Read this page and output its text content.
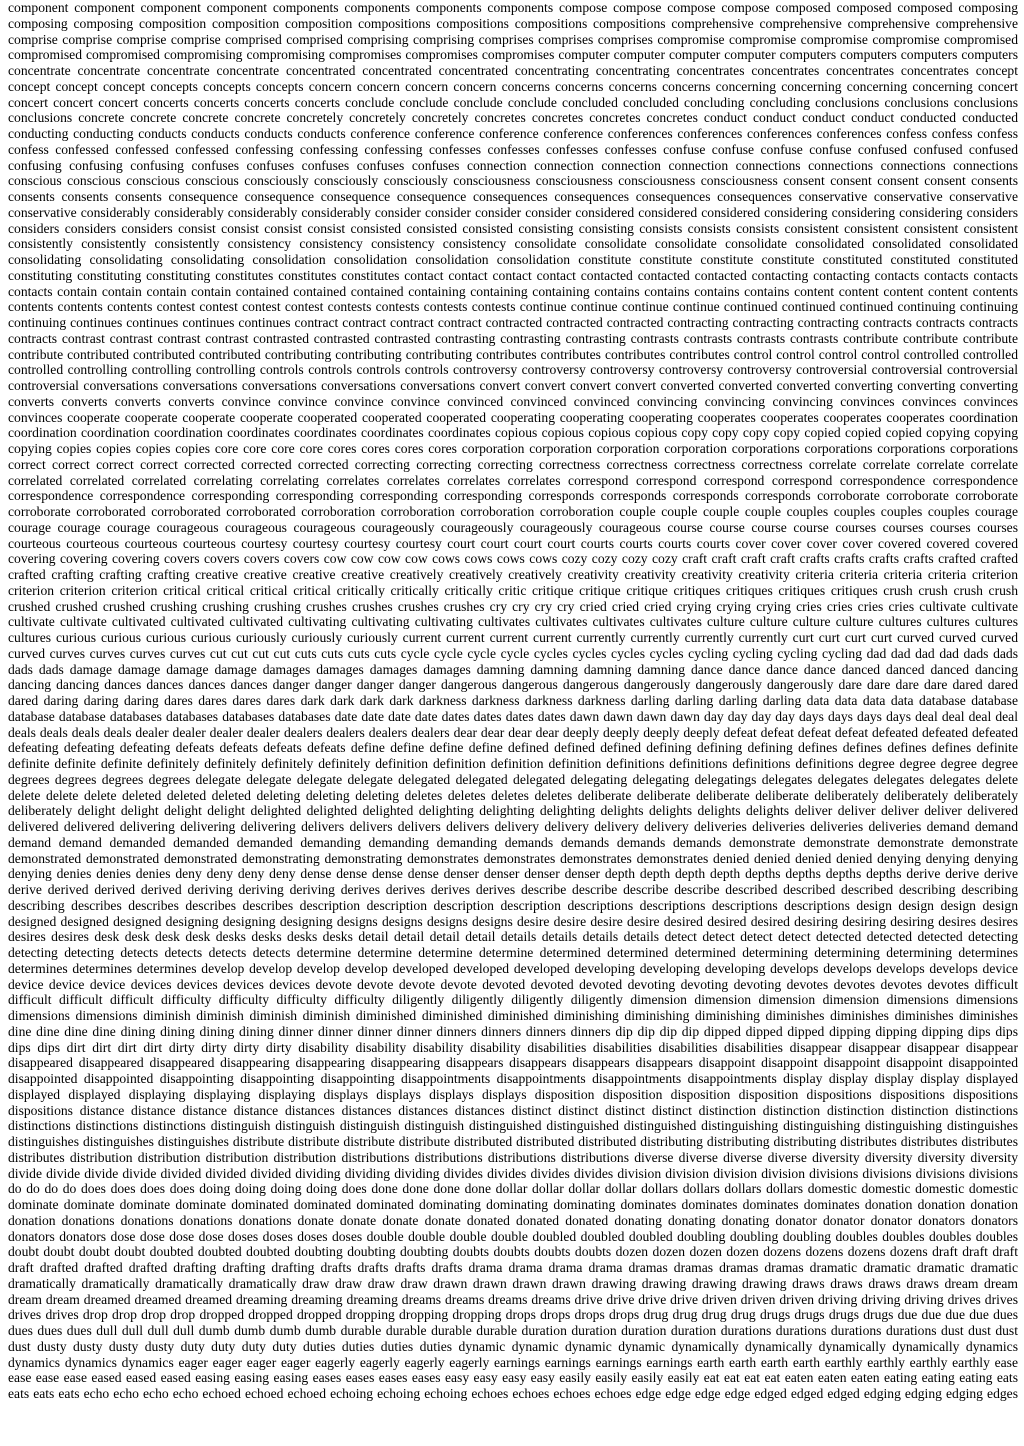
component component component component components components components components compose compose compose compose composed composed composed composing composing composing composition composition composition compositions compositions compositions compositions comprehensive comprehensive comprehensive comprehensive comprise comprise comprise comprise comprised comprised comprising comprising comprises comprises comprises compromise compromise compromise compromise compromised compromised compromised compromising compromising compromises compromises compromises computer computer computer computer computers computers computers computers concentrate concentrate concentrate concentrate concentrated concentrated concentrated concentrating concentrating concentrates concentrates concentrates concentrates concept concept concept concept concepts concepts concepts concern concern concern concern concerns concerns concerns concerns concerning concerning concerning concerning concert concert concert concert concerts concerts concerts concerts conclude conclude conclude conclude concluded concluded concluding concluding conclusions conclusions conclusions conclusions concrete concrete concrete concrete concretely concretely concretely concretes concretes concretes concretes conduct conduct conduct conduct conducted conducted conducting conducting conducts conducts conducts conducts conference conference conference conference conferences conferences conferences conferences confess confess confess confess confessed confessed confessed confessing confessing confessing confesses confesses confesses confesses confuse confuse confuse confuse confused confused confused confusing confusing confusing confuses confuses confuses confuses confuses connection connection connection connection connections connections connections connections conscious conscious conscious conscious consciously consciously consciously consciousness consciousness consciousness consciousness consent consent consent consent consents consents consents consents consequence consequence consequence consequence consequences consequences consequences consequences conservative conservative conservative conservative considerably considerably considerably considerably consider consider consider consider considered considered considered considering considering considering considers considers considers considers consist consist consist consist consisted consisted consisted consisting consisting consists consists consists consistent consistent consistent consistent consistently consistently consistently consistency consistency consistency consistency consolidate consolidate consolidate consolidate consolidated consolidated consolidated consolidating consolidating consolidating consolidation consolidation consolidation consolidation constitute constitute constitute constitute constituted constituted constituted constituting constituting constituting constitutes constitutes constitutes contact contact contact contact contacted contacted contacted contacting contacting contacts contacts contacts contacts contain contain contain contain contained contained contained containing containing containing contains contains contains contains content content content content contents contents contents contents contest contest contest contest contests contests contests contests continue continue continue continue continued continued continued continuing continuing continuing continues continues continues continues contract contract contract contract contracted contracted contracted contracting contracting contracting contracts contracts contracts contracts contrast contrast contrast contrast contrasted contrasted contrasted contrasting contrasting contrasting contrasts contrasts contrasts contrasts contribute contribute contribute contribute contributed contributed contributed contributing contributing contributing contributes contributes contributes contributes control control control control controlled controlled controlled controlling controlling controlling controls controls controls controls controversy controversy controversy controversy controversy controversial controversial controversial controversial conversations conversations conversations conversations conversations convert convert convert convert converted converted converted converting converting converting converts converts converts converts convince convince convince convince convinced convinced convinced convincing convincing convincing convinces convinces convinces convinces cooperate cooperate cooperate cooperate cooperated cooperated cooperated cooperating cooperating cooperating cooperates cooperates cooperates cooperates coordination coordination coordination coordination coordinates coordinates coordinates coordinates copious copious copious copious copy copy copy copy copied copied copied copying copying copying copies copies copies copies core core core core cores cores cores cores corporation corporation corporation corporation corporations corporations corporations corporations correct correct correct correct corrected corrected corrected correcting correcting correcting correctness correctness correctness correctness correlate correlate correlate correlate correlated correlated correlated correlating correlating correlates correlates correlates correlates correspond correspond correspond correspond correspondence correspondence correspondence correspondence corresponding corresponding corresponding corresponding corresponds corresponds corresponds corresponds corroborate corroborate corroborate corroborate corroborated corroborated corroborated corroboration corroboration corroboration corroboration couple couple couple couple couples couples couples couples courage courage courage courage courageous courageous courageous courageously courageously courageously courageous course course course course courses courses courses courses courteous courteous courteous courteous courtesy courtesy courtesy courtesy court court court court courts courts courts courts cover cover cover cover covered covered covered covering covering covering covers covers covers covers cow cow cow cow cows cows cows cows cozy cozy cozy cozy craft craft craft craft crafts crafts crafts crafts crafted crafted crafted crafting crafting crafting creative creative creative creative creatively creatively creatively creativity creativity creativity creativity criteria criteria criteria criteria criterion criterion criterion criterion critical critical critical critical critically critically critically critic critique critique critique critiques critiques critiques critiques crush crush crush crush crushed crushed crushed crushing crushing crushing crushes crushes crushes crushes cry cry cry cry cried cried cried crying crying crying cries cries cries cries cultivate cultivate cultivate cultivate cultivated cultivated cultivated cultivating cultivating cultivating cultivates cultivates cultivates cultivates culture culture culture culture cultures cultures cultures cultures curious curious curious curious curiously curiously curiously current current current current currently currently currently currently curt curt curt curt curved curved curved curved curves curves curves curves cut cut cut cut cuts cuts cuts cuts cycle cycle cycle cycle cycles cycles cycles cycles cycling cycling cycling cycling dad dad dad dad dads dads dads dads damage damage damage damage damages damages damages damages damning damning damning damning dance dance dance dance danced danced danced dancing dancing dancing dances dances dances dances danger danger danger danger dangerous dangerous dangerous dangerously dangerously dangerously dare dare dare dare dared dared dared daring daring daring dares dares dares dares dark dark dark dark darkness darkness darkness darkness darling darling darling darling data data data data database database database database databases databases databases databases date date date date dates dates dates dates dawn dawn dawn dawn day day day day days days days days deal deal deal deal deals deals deals deals dealer dealer dealer dealer dealers dealers dealers dealers dear dear dear dear deeply deeply deeply deeply defeat defeat defeat defeat defeated defeated defeated defeating defeating defeating defeats defeats defeats defeats define define define define defined defined defined defining defining defining defines defines defines defines definite definite definite definite definitely definitely definitely definitely definition definition definition definition definitions definitions definitions definitions degree degree degree degree degrees degrees degrees degrees delegate delegate delegate delegate delegated delegated delegated delegating delegating delegatings delegates delegates delegates delegates delete delete delete delete deleted deleted deleted deleting deleting deleting deletes deletes deletes deletes deliberate deliberate deliberate deliberate deliberately deliberately deliberately deliberately delight delight delight delight delighted delighted delighted delighting delighting delighting delights delights delights delights deliver deliver deliver deliver delivered delivered delivered delivering delivering delivering delivers delivers delivers delivers delivery delivery delivery delivery deliveries deliveries deliveries deliveries demand demand demand demand demanded demanded demanded demanding demanding demanding demands demands demands demands demonstrate demonstrate demonstrate demonstrate demonstrated demonstrated demonstrated demonstrating demonstrating demonstrates demonstrates demonstrates demonstrates denied denied denied denied denying denying denying denying denies denies denies deny deny deny deny dense dense dense dense denser denser denser denser depth depth depth depth depths depths depths depths derive derive derive derive derived derived derived deriving deriving deriving derives derives derives derives describe describe describe describe described described described describing describing describing describes describes describes describes description description description description descriptions descriptions descriptions descriptions design design design design designed designed designed designing designing designing designs designs designs designs desire desire desire desire desired desired desired desiring desiring desiring desires desires desires desires desk desk desk desk desks desks desks desks detail detail detail detail details details details details detect detect detect detect detected detected detected detecting detecting detecting detects detects detects detects determine determine determine determine determined determined determined determining determining determining determines determines determines determines develop develop develop develop developed developed developed developing developing developing develops develops develops develops device device device device devices devices devices devices devote devote devote devote devoted devoted devoted devoting devoting devoting devotes devotes devotes devotes difficult difficult difficult difficult difficulty difficulty difficulty difficulty diligently diligently diligently diligently dimension dimension dimension dimension dimensions dimensions dimensions dimensions diminish diminish diminish diminish diminished diminished diminished diminishing diminishing diminishing diminishes diminishes diminishes diminishes dine dine dine dine dining dining dining dining dinner dinner dinner dinner dinners dinners dinners dinners dip dip dip dip dipped dipped dipped dipping dipping dipping dips dips dips dips dirt dirt dirt dirt dirty dirty dirty dirty disability disability disability disability disabilities disabilities disabilities disabilities disappear disappear disappear disappear disappeared disappeared disappeared disappearing disappearing disappearing disappears disappears disappears disappears disappoint disappoint disappoint disappoint disappointed disappointed disappointed disappointing disappointing disappointing disappointments disappointments disappointments disappointments display display display display displayed displayed displayed displaying displaying displaying displays displays displays displays disposition disposition disposition disposition dispositions dispositions dispositions dispositions distance distance distance distance distances distances distances distances distinct distinct distinct distinct distinction distinction distinction distinction distinctions distinctions distinctions distinctions distinguish distinguish distinguish distinguish distinguished distinguished distinguished distinguishing distinguishing distinguishing distinguishes distinguishes distinguishes distinguishes distribute distribute distribute distribute distributed distributed distributed distributing distributing distributing distributes distributes distributes distributes distribution distribution distribution distribution distributions distributions distributions distributions diverse diverse diverse diverse diversity diversity diversity diversity divide divide divide divide divided divided divided dividing dividing dividing divides divides divides divides division division division division divisions divisions divisions divisions do do do do does does does does doing doing doing doing does done done done done dollar dollar dollar dollar dollars dollars dollars dollars domestic domestic domestic domestic dominate dominate dominate dominate dominated dominated dominated dominating dominating dominating dominates dominates dominates dominates donation donation donation donation donations donations donations donations donate donate donate donate donated donated donated donating donating donating donator donator donator donators donators donators donators dose dose dose dose doses doses doses doses double double double double doubled doubled doubled doubling doubling doubling doubles doubles doubles doubles doubt doubt doubt doubt doubted doubted doubted doubting doubting doubting doubts doubts doubts doubts dozen dozen dozen dozen dozens dozens dozens dozens draft draft draft draft drafted drafted drafted drafting drafting drafting drafts drafts drafts drafts drama drama drama drama dramas dramas dramas dramas dramatic dramatic dramatic dramatic dramatically dramatically dramatically dramatically draw draw draw draw drawn drawn drawn drawn drawing drawing drawing drawing draws draws draws draws dream dream dream dream dreamed dreamed dreamed dreaming dreaming dreaming dreams dreams dreams dreams drive drive drive drive driven driven driven driving driving driving drives drives drives drives drop drop drop drop dropped dropped dropped dropping dropping dropping drops drops drops drops drug drug drug drug drugs drugs drugs drugs due due due due dues dues dues dues dull dull dull dull dumb dumb dumb dumb durable durable durable durable duration duration duration duration durations durations durations durations dust dust dust dust dusty dusty dusty dusty duty duty duty duty duties duties duties duties dynamic dynamic dynamic dynamic dynamically dynamically dynamically dynamically dynamics dynamics dynamics dynamics eager eager eager eager eagerly eagerly eagerly eagerly earnings earnings earnings earnings earth earth earth earth earthly earthly earthly earthly ease ease ease ease eased eased eased easing easing easing eases eases eases eases easy easy easy easy easily easily easily easily eat eat eat eat eaten eaten eaten eating eating eating eats eats eats eats echo echo echo echo echoed echoed echoed echoing echoing echoing echoes echoes echoes echoes edge edge edge edge edged edged edged edging edging edging edges
